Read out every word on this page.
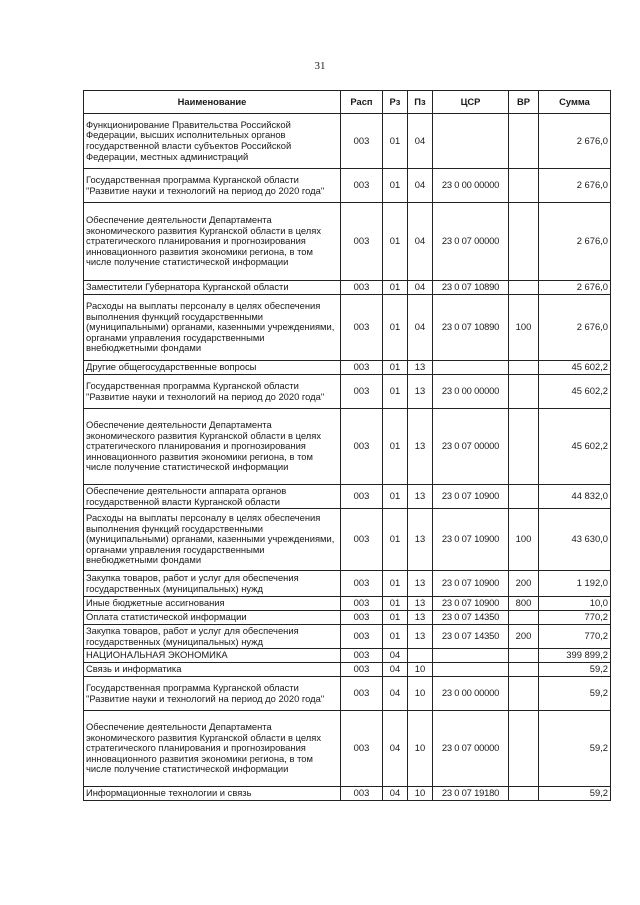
31
Наименование	Расп	Рз	Пз	ЦСР	ВР	Сумма
Функционирование Правительства Российской Федерации, высших исполнительных органов государственной власти субъектов Российской Федерации, местных администраций	003	01	04			2 676,0
Государственная программа Курганской области "Развитие науки и технологий на период до 2020 года"	003	01	04	23 0 00 00000		2 676,0
Обеспечение деятельности Департамента экономического развития Курганской области в целях стратегического планирования и прогнозирования инновационного развития экономики региона, в том числе получение статистической информации	003	01	04	23 0 07 00000		2 676,0
Заместители Губернатора Курганской области	003	01	04	23 0 07 10890		2 676,0
Расходы на выплаты персоналу в целях обеспечения выполнения функций государственными (муниципальными) органами, казенными учреждениями, органами управления государственными внебюджетными фондами	003	01	04	23 0 07 10890	100	2 676,0
Другие общегосударственные вопросы	003	01	13			45 602,2
Государственная программа Курганской области "Развитие науки и технологий на период до 2020 года"	003	01	13	23 0 00 00000		45 602,2
Обеспечение деятельности Департамента экономического развития Курганской области в целях стратегического планирования и прогнозирования инновационного развития экономики региона, в том числе получение статистической информации	003	01	13	23 0 07 00000		45 602,2
Обеспечение деятельности аппарата органов государственной власти Курганской области	003	01	13	23 0 07 10900		44 832,0
Расходы на выплаты персоналу в целях обеспечения выполнения функций государственными (муниципальными) органами, казенными учреждениями, органами управления государственными внебюджетными фондами	003	01	13	23 0 07 10900	100	43 630,0
Закупка товаров, работ и услуг для обеспечения государственных (муниципальных) нужд	003	01	13	23 0 07 10900	200	1 192,0
Иные бюджетные ассигнования	003	01	13	23 0 07 10900	800	10,0
Оплата статистической информации	003	01	13	23 0 07 14350		770,2
Закупка товаров, работ и услуг для обеспечения государственных (муниципальных) нужд	003	01	13	23 0 07 14350	200	770,2
НАЦИОНАЛЬНАЯ ЭКОНОМИКА	003	04				399 899,2
Связь и информатика	003	04	10			59,2
Государственная программа Курганской области "Развитие науки и технологий на период до 2020 года"	003	04	10	23 0 00 00000		59,2
Обеспечение деятельности Департамента экономического развития Курганской области в целях стратегического планирования и прогнозирования инновационного развития экономики региона, в том числе получение статистической информации	003	04	10	23 0 07 00000		59,2
Информационные технологии и связь	003	04	10	23 0 07 19180		59,2
